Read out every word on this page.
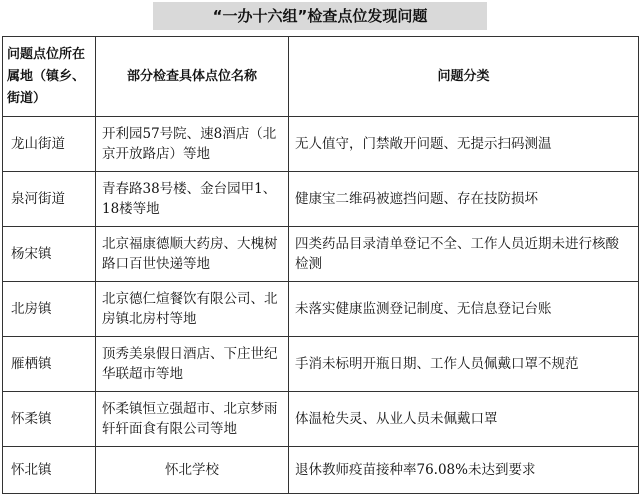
“一办十六组”检查点位发现问题
问题点位所在属地（镇乡、街道）	部分检查具体点位名称	问题分类
龙山街道	开利园57号院、速8酒店（北京开放路店）等地	无人值守，门禁敞开问题、无提示扫码测温
泉河街道	青春路38号楼、金台园甲1、18楼等地	健康宝二维码被遮挡问题、存在技防损坏
杨宋镇	北京福康德顺大药房、大槐树路口百世快递等地	四类药品目录清单登记不全、工作人员近期未进行核酸检测
北房镇	北京德仁煊餐饮有限公司、北房镇北房村等地	未落实健康监测登记制度、无信息登记台账
雁栖镇	顶秀美泉假日酒店、下庄世纪华联超市等地	手消未标明开瓶日期、工作人员佩戴口罩不规范
怀柔镇	怀柔镇恒立强超市、北京梦雨轩轩面食有限公司等地	体温枪失灵、从业人员未佩戴口罩
怀北镇	怀北学校	退休教师疫苗接种率76.08%未达到要求
